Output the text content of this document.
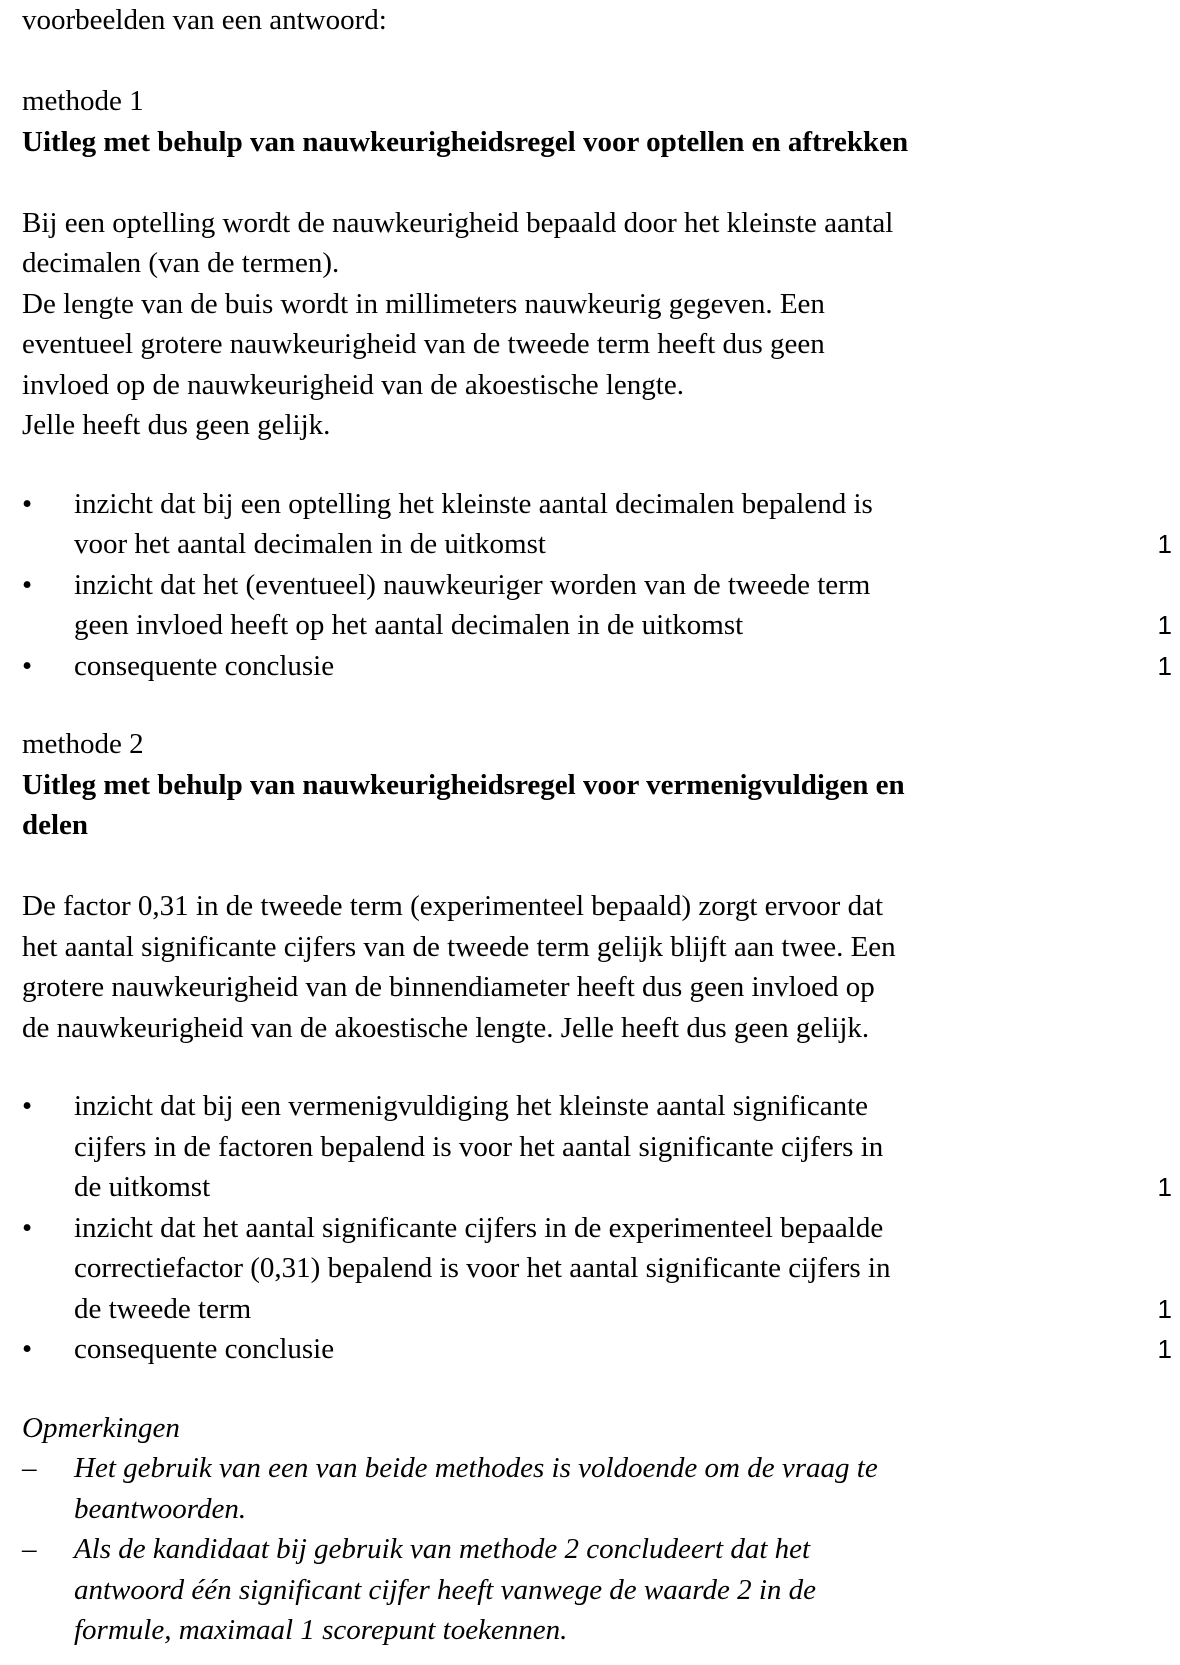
voorbeelden van een antwoord:
methode 1
Uitleg met behulp van nauwkeurigheidsregel voor optellen en aftrekken
Bij een optelling wordt de nauwkeurigheid bepaald door het kleinste aantal
decimalen (van de termen).
De lengte van de buis wordt in millimeters nauwkeurig gegeven. Een
eventueel grotere nauwkeurigheid van de tweede term heeft dus geen
invloed op de nauwkeurigheid van de akoestische lengte.
Jelle heeft dus geen gelijk.
• inzicht dat bij een optelling het kleinste aantal decimalen bepalend is
voor het aantal decimalen in de uitkomst	1
• inzicht dat het (eventueel) nauwkeuriger worden van de tweede term
geen invloed heeft op het aantal decimalen in de uitkomst	1
• consequente conclusie	1
methode 2
Uitleg met behulp van nauwkeurigheidsregel voor vermenigvuldigen en
delen
De factor 0,31 in de tweede term (experimenteel bepaald) zorgt ervoor dat
het aantal significante cijfers van de tweede term gelijk blijft aan twee. Een
grotere nauwkeurigheid van de binnendiameter heeft dus geen invloed op
de nauwkeurigheid van de akoestische lengte. Jelle heeft dus geen gelijk.
• inzicht dat bij een vermenigvuldiging het kleinste aantal significante
cijfers in de factoren bepalend is voor het aantal significante cijfers in
de uitkomst	1
• inzicht dat het aantal significante cijfers in de experimenteel bepaalde
correctiefactor (0,31) bepalend is voor het aantal significante cijfers in
de tweede term	1
• consequente conclusie	1
Opmerkingen
– Het gebruik van een van beide methodes is voldoende om de vraag te
beantwoorden.
– Als de kandidaat bij gebruik van methode 2 concludeert dat het
antwoord één significant cijfer heeft vanwege de waarde 2 in de
formule, maximaal 1 scorepunt toekennen.
